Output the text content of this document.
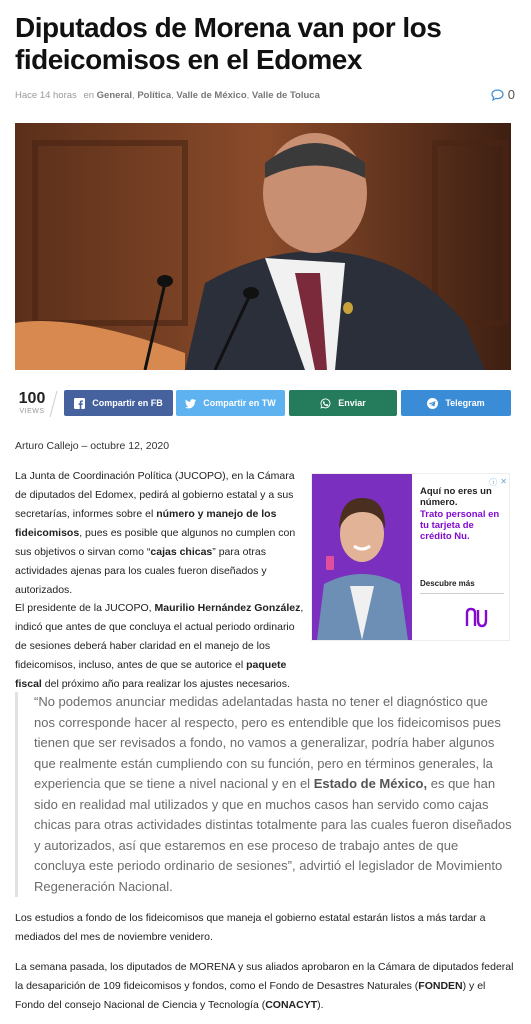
Diputados de Morena van por los fideicomisos en el Edomex
Hace 14 horas en General, Política, Valle de México, Valle de Toluca	0
100
VIEWS
Compartir en FB	Compartir en TW	Enviar	Telegram
Arturo Callejo – octubre 12, 2020

La Junta de Coordinación Política (JUCOPO), en la Cámara de diputados del Edomex, pedirá al gobierno estatal y a sus secretarías, informes sobre el número y manejo de los fideicomisos, pues es posible que algunos no cumplen con sus objetivos o sirvan como “cajas chicas” para otras actividades ajenas para los cuales fueron diseñados y autorizados.

Aquí no eres un número.
Trato personal en tu tarjeta de crédito Nu.
Descubre más
ⓘ ✕

El presidente de la JUCOPO, Maurilio Hernández González, indicó que antes de que concluya el actual periodo ordinario de sesiones deberá haber claridad en el manejo de los fideicomisos, incluso, antes de que se autorice el paquete fiscal del próximo año para realizar los ajustes necesarios.

“No podemos anunciar medidas adelantadas hasta no tener el diagnóstico que nos corresponde hacer al respecto, pero es entendible que los fideicomisos pues tienen que ser revisados a fondo, no vamos a generalizar, podría haber algunos que realmente están cumpliendo con su función, pero en términos generales, la experiencia que se tiene a nivel nacional y en el Estado de México, es que han sido en realidad mal utilizados y que en muchos casos han servido como cajas chicas para otras actividades distintas totalmente para las cuales fueron diseñados y autorizados, así que estaremos en ese proceso de trabajo antes de que concluya este periodo ordinario de sesiones”, advirtió el legislador de Movimiento Regeneración Nacional.

Los estudios a fondo de los fideicomisos que maneja el gobierno estatal estarán listos a más tardar a mediados del mes de noviembre venidero.

La semana pasada, los diputados de MORENA y sus aliados aprobaron en la Cámara de diputados federal la desaparición de 109 fideicomisos y fondos, como el Fondo de Desastres Naturales (FONDEN) y el Fondo del consejo Nacional de Ciencia y Tecnología (CONACYT).
